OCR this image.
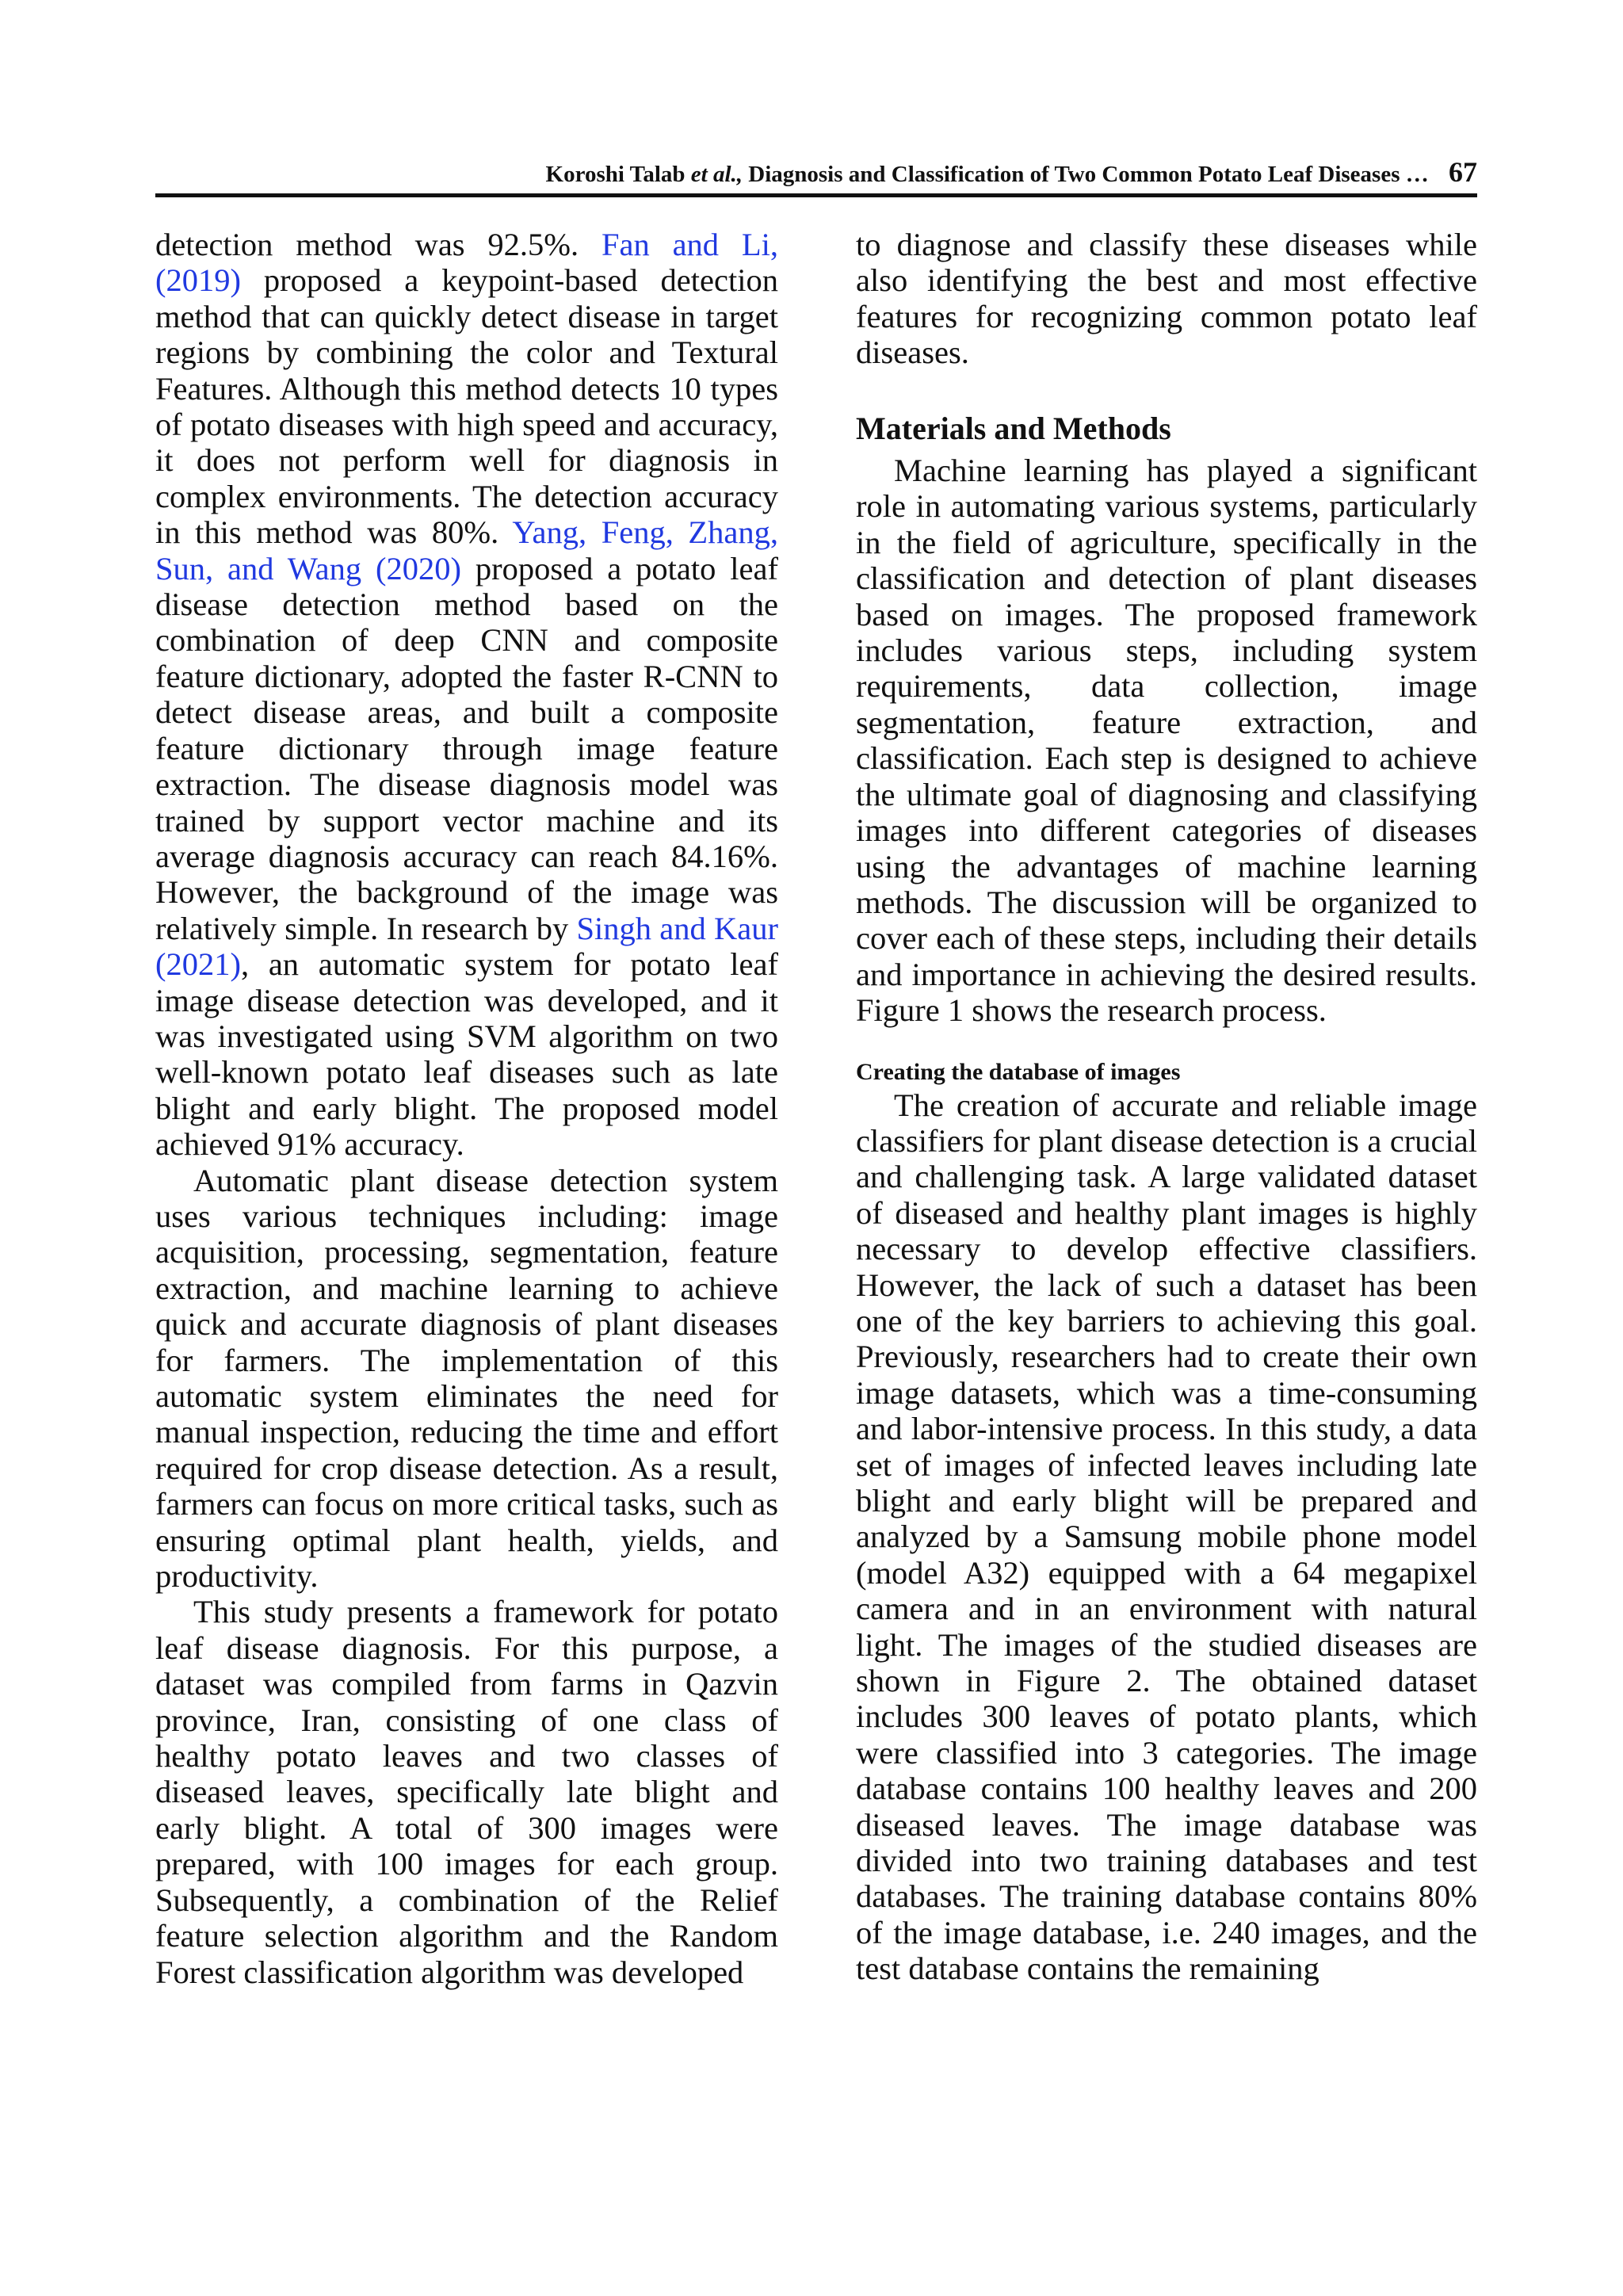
Koroshi Talab et al., Diagnosis and Classification of Two Common Potato Leaf Diseases … 67

detection method was 92.5%. Fan and Li, (2019) proposed a keypoint-based detection method that can quickly detect disease in target regions by combining the color and Textural Features. Although this method detects 10 types of potato diseases with high speed and accuracy, it does not perform well for diagnosis in complex environments. The detection accuracy in this method was 80%. Yang, Feng, Zhang, Sun, and Wang (2020) proposed a potato leaf disease detection method based on the combination of deep CNN and composite feature dictionary, adopted the faster R-CNN to detect disease areas, and built a composite feature dictionary through image feature extraction. The disease diagnosis model was trained by support vector machine and its average diagnosis accuracy can reach 84.16%. However, the background of the image was relatively simple. In research by Singh and Kaur (2021), an automatic system for potato leaf image disease detection was developed, and it was investigated using SVM algorithm on two well-known potato leaf diseases such as late blight and early blight. The proposed model achieved 91% accuracy.

Automatic plant disease detection system uses various techniques including: image acquisition, processing, segmentation, feature extraction, and machine learning to achieve quick and accurate diagnosis of plant diseases for farmers. The implementation of this automatic system eliminates the need for manual inspection, reducing the time and effort required for crop disease detection. As a result, farmers can focus on more critical tasks, such as ensuring optimal plant health, yields, and productivity.

This study presents a framework for potato leaf disease diagnosis. For this purpose, a dataset was compiled from farms in Qazvin province, Iran, consisting of one class of healthy potato leaves and two classes of diseased leaves, specifically late blight and early blight. A total of 300 images were prepared, with 100 images for each group. Subsequently, a combination of the Relief feature selection algorithm and the Random Forest classification algorithm was developed

to diagnose and classify these diseases while also identifying the best and most effective features for recognizing common potato leaf diseases.

Materials and Methods

Machine learning has played a significant role in automating various systems, particularly in the field of agriculture, specifically in the classification and detection of plant diseases based on images. The proposed framework includes various steps, including system requirements, data collection, image segmentation, feature extraction, and classification. Each step is designed to achieve the ultimate goal of diagnosing and classifying images into different categories of diseases using the advantages of machine learning methods. The discussion will be organized to cover each of these steps, including their details and importance in achieving the desired results. Figure 1 shows the research process.

Creating the database of images

The creation of accurate and reliable image classifiers for plant disease detection is a crucial and challenging task. A large validated dataset of diseased and healthy plant images is highly necessary to develop effective classifiers. However, the lack of such a dataset has been one of the key barriers to achieving this goal. Previously, researchers had to create their own image datasets, which was a time-consuming and labor-intensive process. In this study, a data set of images of infected leaves including late blight and early blight will be prepared and analyzed by a Samsung mobile phone model (model A32) equipped with a 64 megapixel camera and in an environment with natural light. The images of the studied diseases are shown in Figure 2. The obtained dataset includes 300 leaves of potato plants, which were classified into 3 categories. The image database contains 100 healthy leaves and 200 diseased leaves. The image database was divided into two training databases and test databases. The training database contains 80% of the image database, i.e. 240 images, and the test database contains the remaining
